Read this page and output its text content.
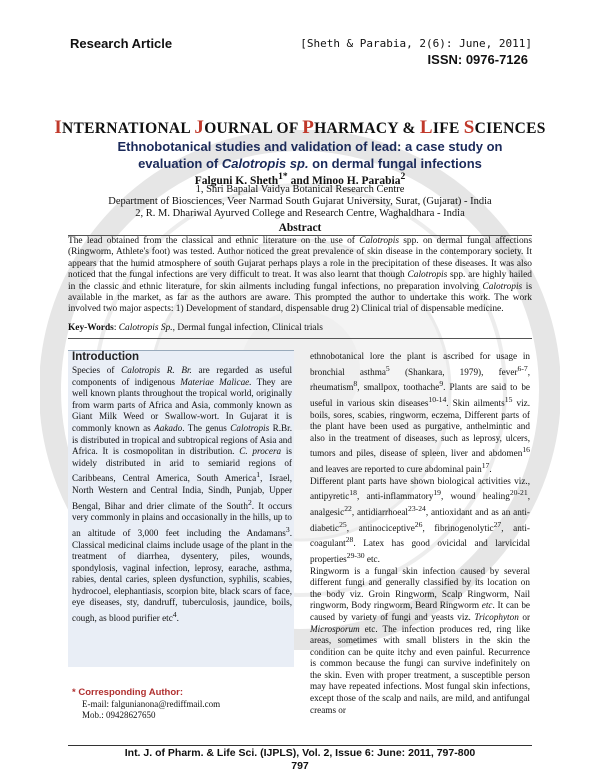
Research Article	[Sheth & Parabia, 2(6): June, 2011]
ISSN: 0976-7126
INTERNATIONAL JOURNAL OF PHARMACY & LIFE SCIENCES
Ethnobotanical studies and validation of lead: a case study on
evaluation of Calotropis sp. on dermal fungal infections
Falguni K. Sheth$^{1*}$ and Minoo H. Parabia$^2$
1, Shri Bapalal Vaidya Botanical Research Centre
Department of Biosciences, Veer Narmad South Gujarat University, Surat, (Gujarat) - India
2, R. M. Dhariwal Ayurved College and Research Centre, Waghaldhara - India
Abstract
The lead obtained from the classical and ethnic literature on the use of Calotropis spp. on dermal fungal affections (Ringworm, Athlete's foot) was tested. Author noticed the great prevalence of skin disease in the contemporary society. It appears that the humid atmosphere of south Gujarat perhaps plays a role in the precipitation of these diseases. It was also noticed that the fungal infections are very difficult to treat. It was also learnt that though Calotropis spp. are highly hailed in the classic and ethnic literature, for skin ailments including fungal infections, no preparation involving Calotropis is available in the market, as far as the authors are aware. This prompted the author to undertake this work. The work involved two major aspects: 1) Development of standard, dispensable drug 2) Clinical trial of dispensable medicine.
Key-Words: Calotropis Sp., Dermal fungal infection, Clinical trials
Introduction
Species of Calotropis R. Br. are regarded as useful components of indigenous Materiae Malicae. They are well known plants throughout the tropical world, originally from warm parts of Africa and Asia, commonly known as Giant Milk Weed or Swallow-wort. In Gujarat it is commonly known as Aakado. The genus Calotropis R.Br. is distributed in tropical and subtropical regions of Asia and Africa. It is cosmopolitan in distribution. C. procera is widely distributed in arid to semiarid regions of Caribbeans, Central America, South America$^1$, Israel, North Western and Central India, Sindh, Punjab, Upper Bengal, Bihar and drier climate of the South$^2$. It occurs very commonly in plains and occasionally in the hills, up to an altitude of 3,000 feet including the Andamans$^3$. Classical medicinal claims include usage of the plant in the treatment of diarrhea, dysentery, piles, wounds, spondylosis, vaginal infection, leprosy, earache, asthma, rabies, dental caries, spleen dysfunction, syphilis, scabies, hydrocoel, elephantiasis, scorpion bite, black scars of face, eye diseases, sty, dandruff, tuberculosis, jaundice, boils, cough, as blood purifier etc$^4$.

ethnobotanical lore the plant is ascribed for usage in bronchial asthma$^5$ (Shankara, 1979), fever$^{6-7}$, rheumatism$^8$, smallpox, toothache$^9$. Plants are said to be useful in various skin diseases$^{10-14}$. Skin ailments$^{15}$ viz. boils, sores, scabies, ringworm, eczema, Different parts of the plant have been used as purgative, anthelmintic and also in the treatment of diseases, such as leprosy, ulcers, tumors and piles, disease of spleen, liver and abdomen$^{16}$ and leaves are reported to cure abdominal pain$^{17}$.

Different plant parts have shown biological activities viz., antipyretic$^{18}$, anti-inflammatory$^{19}$, wound healing$^{20-21}$, analgesic$^{22}$, antidiarrhoeal$^{23-24}$, antioxidant and as an anti-diabetic$^{25}$, antinociceptive$^{26}$, fibrinogenolytic$^{27}$, anti-coagulant$^{28}$. Latex has good ovicidal and larvicidal properties$^{29-30}$ etc.

Ringworm is a fungal skin infection caused by several different fungi and generally classified by its location on the body viz. Groin Ringworm, Scalp Ringworm, Nail ringworm, Body ringworm, Beard Ringworm etc. It can be caused by variety of fungi and yeasts viz. Tricophyton or Microsporum etc. The infection produces red, ring like areas, sometimes with small blisters in the skin the condition can be quite itchy and even painful. Recurrence is common because the fungi can survive indefinitely on the skin. Even with proper treatment, a susceptible person may have repeated infections. Most fungal skin infections, except those of the scalp and nails, are mild, and antifungal creams or

* Corresponding Author:
E-mail: falgunianona@rediffmail.com
Mob.: 09428627650
Int. J. of Pharm. & Life Sci. (IJPLS), Vol. 2, Issue 6: June: 2011, 797-800
797
